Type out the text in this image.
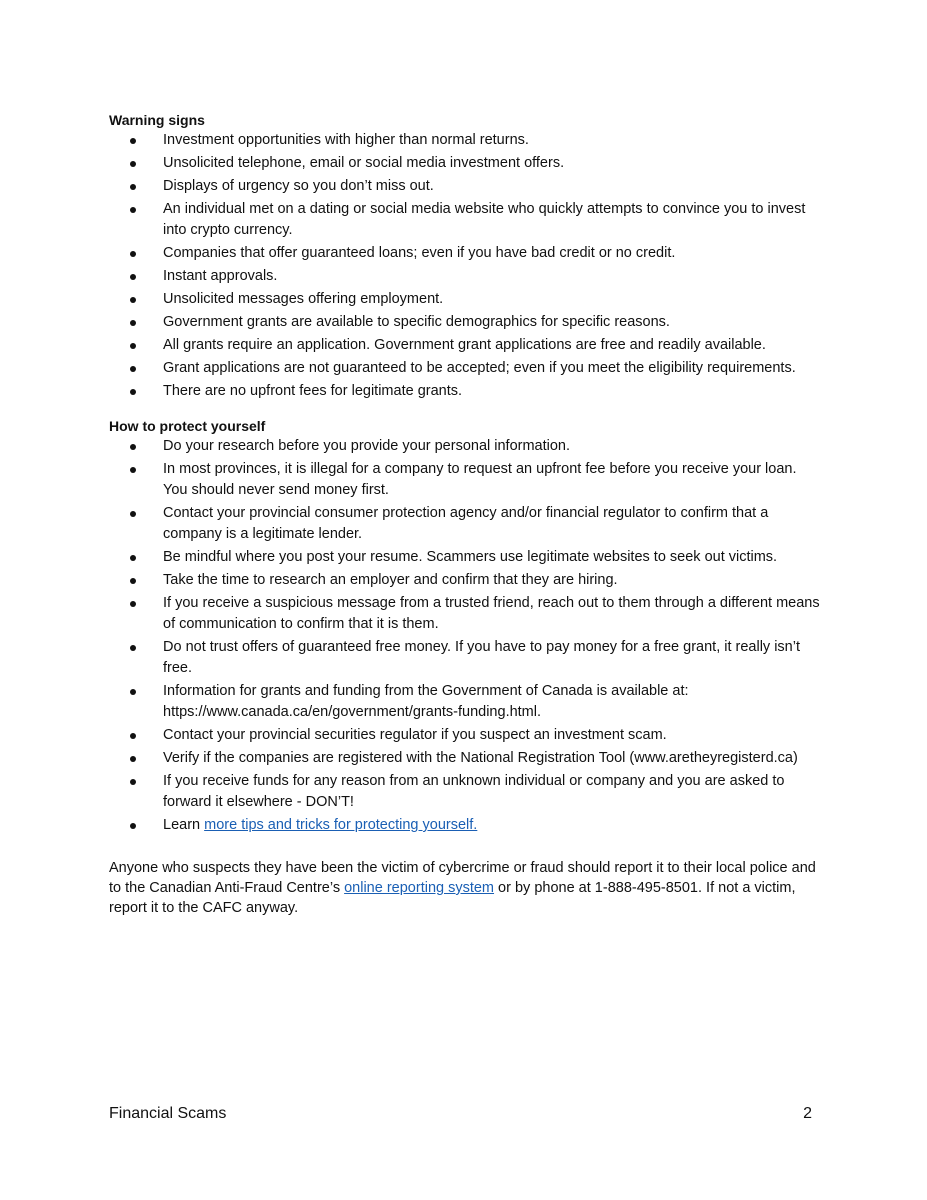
Warning signs

Investment opportunities with higher than normal returns.
Unsolicited telephone, email or social media investment offers.
Displays of urgency so you don’t miss out.
An individual met on a dating or social media website who quickly attempts to convince you to invest into crypto currency.
Companies that offer guaranteed loans; even if you have bad credit or no credit.
Instant approvals.
Unsolicited messages offering employment.
Government grants are available to specific demographics for specific reasons.
All grants require an application. Government grant applications are free and readily available.
Grant applications are not guaranteed to be accepted; even if you meet the eligibility requirements.
There are no upfront fees for legitimate grants.

How to protect yourself

Do your research before you provide your personal information.
In most provinces, it is illegal for a company to request an upfront fee before you receive your loan. You should never send money first.
Contact your provincial consumer protection agency and/or financial regulator to confirm that a company is a legitimate lender.
Be mindful where you post your resume. Scammers use legitimate websites to seek out victims.
Take the time to research an employer and confirm that they are hiring.
If you receive a suspicious message from a trusted friend, reach out to them through a different means of communication to confirm that it is them.
Do not trust offers of guaranteed free money. If you have to pay money for a free grant, it really isn’t free.
Information for grants and funding from the Government of Canada is available at: https://www.canada.ca/en/government/grants-funding.html.
Contact your provincial securities regulator if you suspect an investment scam.
Verify if the companies are registered with the National Registration Tool (www.aretheyregisterd.ca)
If you receive funds for any reason from an unknown individual or company and you are asked to forward it elsewhere - DON’T!
Learn more tips and tricks for protecting yourself.

Anyone who suspects they have been the victim of cybercrime or fraud should report it to their local police and to the Canadian Anti-Fraud Centre’s online reporting system or by phone at 1-888-495-8501. If not a victim, report it to the CAFC anyway.

Financial Scams	2
